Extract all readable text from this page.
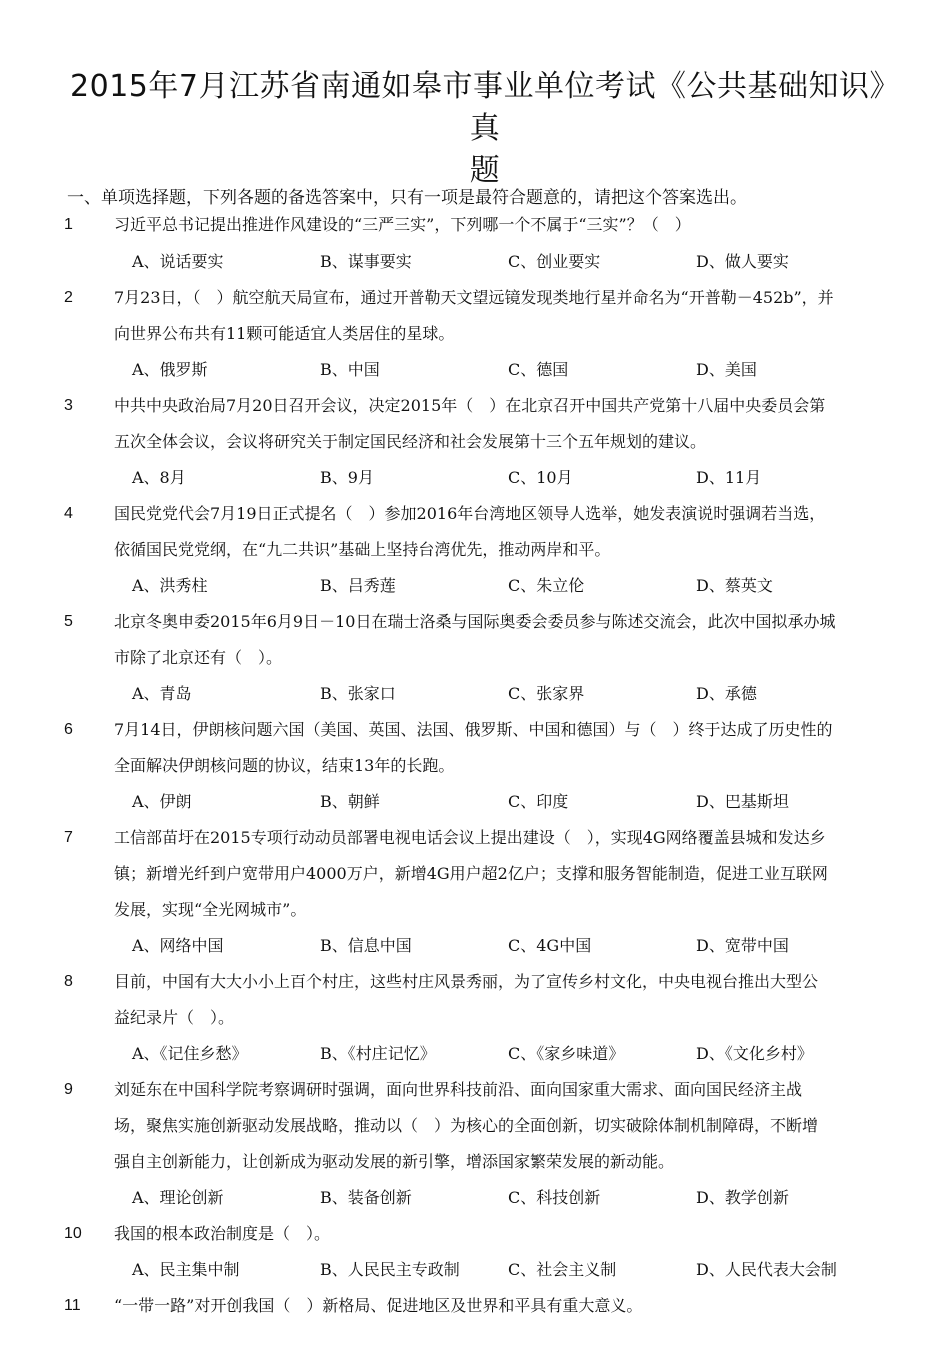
2015年7月江苏省南通如皋市事业单位考试《公共基础知识》真
题
一、单项选择题，下列各题的备选答案中，只有一项是最符合题意的，请把这个答案选出。
1	习近平总书记提出推进作风建设的“三严三实”，下列哪一个不属于“三实”？（　）
A、说话要实	B、谋事要实	C、创业要实	D、做人要实
2	7月23日，（　）航空航天局宣布，通过开普勒天文望远镜发现类地行星并命名为“开普勒－452b”，并
向世界公布共有11颗可能适宜人类居住的星球。
A、俄罗斯	B、中国	C、德国	D、美国
3	中共中央政治局7月20日召开会议，决定2015年（　）在北京召开中国共产党第十八届中央委员会第
五次全体会议，会议将研究关于制定国民经济和社会发展第十三个五年规划的建议。
A、8月	B、9月	C、10月	D、11月
4	国民党党代会7月19日正式提名（　）参加2016年台湾地区领导人选举，她发表演说时强调若当选，
依循国民党党纲，在“九二共识”基础上坚持台湾优先，推动两岸和平。
A、洪秀柱	B、吕秀莲	C、朱立伦	D、蔡英文
5	北京冬奥申委2015年6月9日－10日在瑞士洛桑与国际奥委会委员参与陈述交流会，此次中国拟承办城
市除了北京还有（　）。
A、青岛	B、张家口	C、张家界	D、承德
6	7月14日，伊朗核问题六国（美国、英国、法国、俄罗斯、中国和德国）与（　）终于达成了历史性的
全面解决伊朗核问题的协议，结束13年的长跑。
A、伊朗	B、朝鲜	C、印度	D、巴基斯坦
7	工信部苗圩在2015专项行动动员部署电视电话会议上提出建设（　），实现4G网络覆盖县城和发达乡
镇；新增光纤到户宽带用户4000万户，新增4G用户超2亿户；支撑和服务智能制造，促进工业互联网
发展，实现“全光网城市”。
A、网络中国	B、信息中国	C、4G中国	D、宽带中国
8	目前，中国有大大小小上百个村庄，这些村庄风景秀丽，为了宣传乡村文化，中央电视台推出大型公
益纪录片（　）。
A、《记住乡愁》	B、《村庄记忆》	C、《家乡味道》	D、《文化乡村》
9	刘延东在中国科学院考察调研时强调，面向世界科技前沿、面向国家重大需求、面向国民经济主战
场，聚焦实施创新驱动发展战略，推动以（　）为核心的全面创新，切实破除体制机制障碍，不断增
强自主创新能力，让创新成为驱动发展的新引擎，增添国家繁荣发展的新动能。
A、理论创新	B、装备创新	C、科技创新	D、教学创新
10 我国的根本政治制度是（　）。
A、民主集中制	B、人民民主专政制	C、社会主义制	D、人民代表大会制
11 “一带一路”对开创我国（　）新格局、促进地区及世界和平具有重大意义。
